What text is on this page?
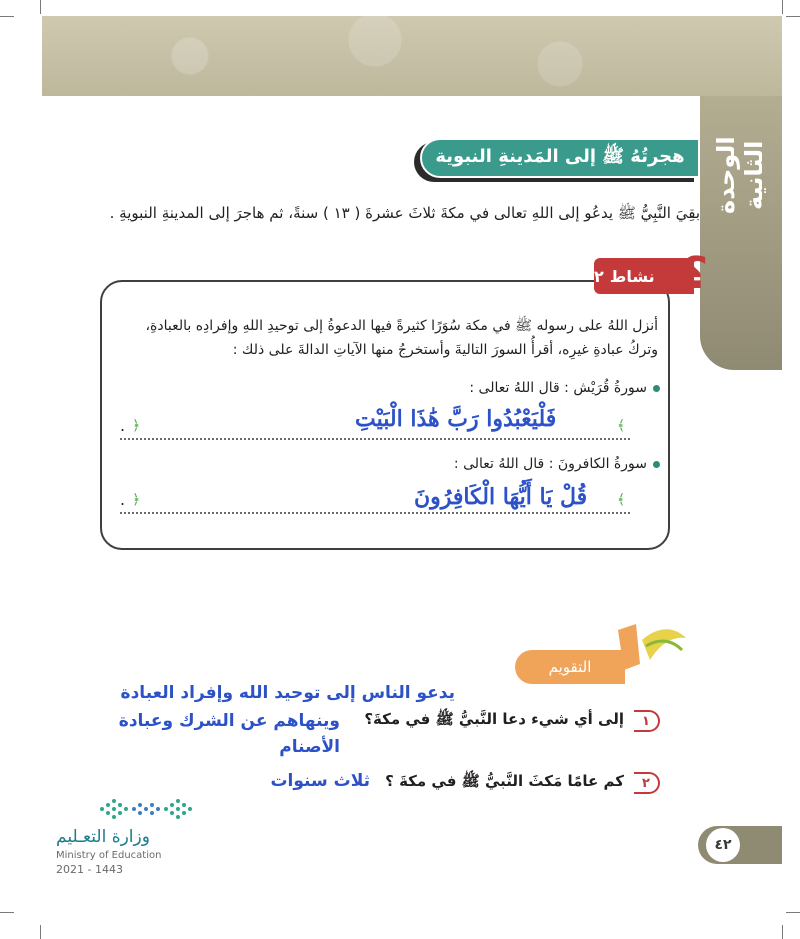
الوحدة الثانية
هجرتُهُ ﷺ إلى المَدينةِ النبوية

بقِيَ النَّبِيُّ ﷺ يدعُو إلى اللهِ تعالى في مكةَ ثلاثَ عشرةَ ( ١٣ ) سنةً، ثم هاجرَ إلى المدينةِ النبويةِ .

نشاط
٢ ؟
أنزل اللهُ على رسوله ﷺ في مكة سُوَرًا كثيرةً فيها الدعوةُ إلى توحيدِ اللهِ وإفرادِه بالعبادةِ،
وتركُ عبادةِ غيرِه، أقرأُ السورَ التاليةَ وأستخرجُ منها الآياتِ الدالةَ على ذلك :
سورةُ قُرَيْش : قال اللهُ تعالى :
﴾
﴿
.	فَلْيَعْبُدُوا رَبَّ هَٰذَا الْبَيْتِ
سورةُ الكافرونَ : قال اللهُ تعالى :
﴾
﴿
.	قُلْ يَا أَيُّهَا الْكَافِرُونَ
التقويم
يدعو الناس إلى توحيد الله وإفراد العبادة
١
إلى أي شيء دعا النَّبيُّ ﷺ في مكةَ؟
وينهاهم عن الشرك وعبادة الأصنام
٢
كم عامًا مَكثَ النَّبيُّ ﷺ في مكةَ ؟
ثلاث سنوات
وزارة التعـليم
Ministry of Education
2021 - 1443
٤٢
